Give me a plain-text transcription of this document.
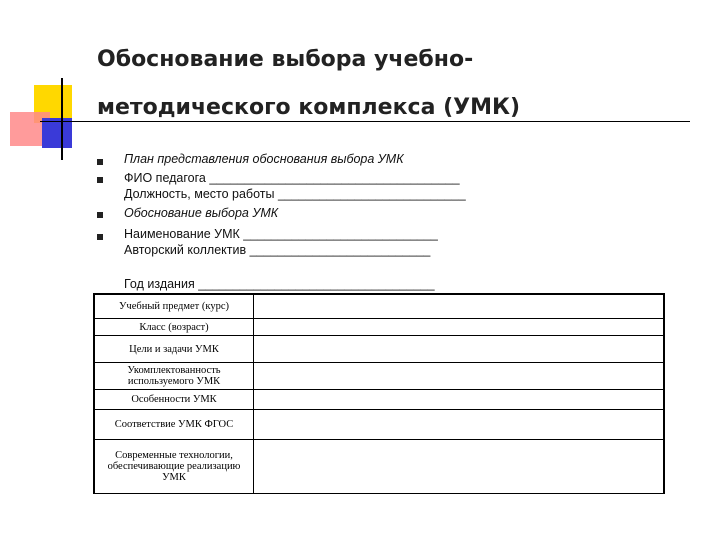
Обоснование выбора учебно-
методического комплекса (УМК)
План представления обоснования выбора УМК
ФИО педагога ____________________________________
Должность, место работы ___________________________
Обоснование выбора УМК
Наименование УМК ____________________________
Авторский коллектив __________________________
Год издания __________________________________
Учебный предмет (курс)	
Класс (возраст)	
Цели и задачи УМК	
Укомплектованность используемого УМК	
Особенности УМК	
Соответствие УМК ФГОС	
Современные технологии, обеспечивающие реализацию УМК	
